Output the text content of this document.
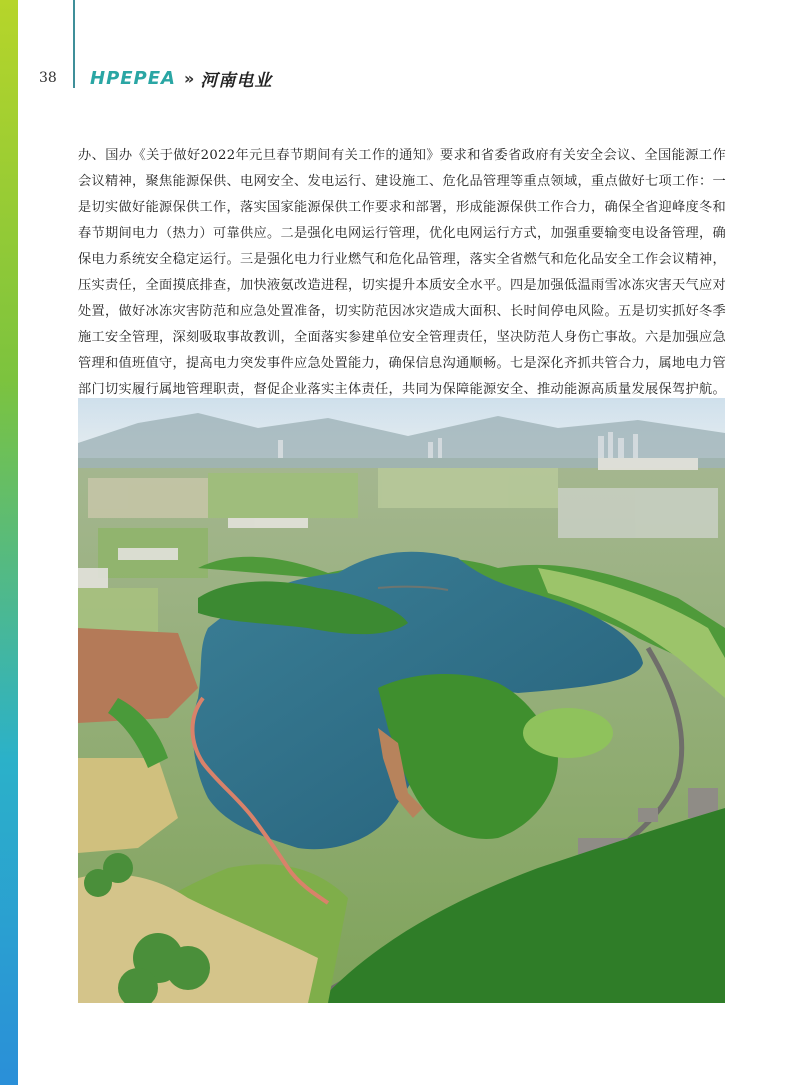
38 HPEPEA » 河南电业
办、国办《关于做好2022年元旦春节期间有关工作的通知》要求和省委省政府有关安全会议、全国能源工作会议精神，聚焦能源保供、电网安全、发电运行、建设施工、危化品管理等重点领域，重点做好七项工作：一是切实做好能源保供工作，落实国家能源保供工作要求和部署，形成能源保供工作合力，确保全省迎峰度冬和春节期间电力（热力）可靠供应。二是强化电网运行管理，优化电网运行方式，加强重要输变电设备管理，确保电力系统安全稳定运行。三是强化电力行业燃气和危化品管理，落实全省燃气和危化品安全工作会议精神，压实责任，全面摸底排查，加快液氨改造进程，切实提升本质安全水平。四是加强低温雨雪冰冻灾害天气应对处置，做好冰冻灾害防范和应急处置准备，切实防范因冰灾造成大面积、长时间停电风险。五是切实抓好冬季施工安全管理，深刻吸取事故教训，全面落实参建单位安全管理责任，坚决防范人身伤亡事故。六是加强应急管理和值班值守，提高电力突发事件应急处置能力，确保信息沟通顺畅。七是深化齐抓共管合力，属地电力管部门切实履行属地管理职责，督促企业落实主体责任，共同为保障能源安全、推动能源高质量发展保驾护航。
